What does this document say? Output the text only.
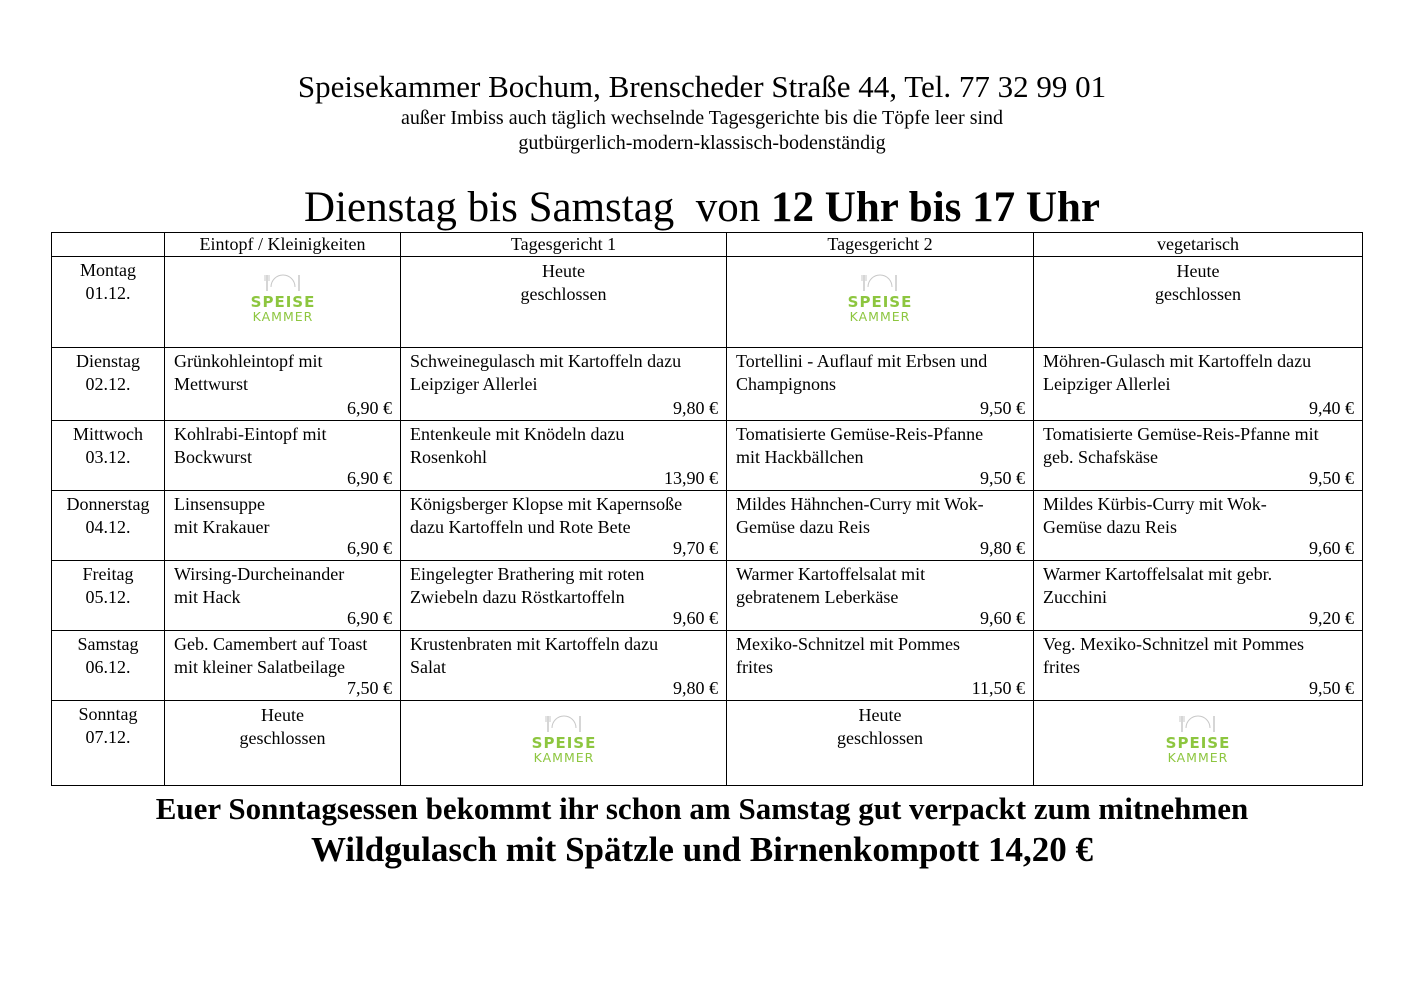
Speisekammer Bochum, Brenscheder Straße 44, Tel. 77 32 99 01
außer Imbiss auch täglich wechselnde Tagesgerichte bis die Töpfe leer sind
gutbürgerlich-modern-klassisch-bodenständig
Dienstag bis Samstag  von 12 Uhr bis 17 Uhr
	Eintopf / Kleinigkeiten	Tagesgericht 1	Tagesgericht 2	vegetarisch

Montag
01.12.	SPEISE
KAMMER	Heute
geschlossen	SPEISE
KAMMER	Heute
geschlossen

Dienstag
02.12.	Grünkohleintopf mit
Mettwurst
6,90 €	Schweinegulasch mit Kartoffeln dazu
Leipziger Allerlei
9,80 €	Tortellini - Auflauf mit Erbsen und
Champignons
9,50 €	Möhren-Gulasch mit Kartoffeln dazu
Leipziger Allerlei
9,40 €

Mittwoch
03.12.	Kohlrabi-Eintopf mit
Bockwurst
6,90 €	Entenkeule mit Knödeln dazu
Rosenkohl
13,90 €	Tomatisierte Gemüse-Reis-Pfanne
mit Hackbällchen
9,50 €	Tomatisierte Gemüse-Reis-Pfanne mit
geb. Schafskäse
9,50 €

Donnerstag
04.12.	Linsensuppe
mit Krakauer
6,90 €	Königsberger Klopse mit Kapernsoße
dazu Kartoffeln und Rote Bete
9,70 €	Mildes Hähnchen-Curry mit Wok-
Gemüse dazu Reis
9,80 €	Mildes Kürbis-Curry mit Wok-
Gemüse dazu Reis
9,60 €

Freitag
05.12.	Wirsing-Durcheinander
mit Hack
6,90 €	Eingelegter Brathering mit roten
Zwiebeln dazu Röstkartoffeln
9,60 €	Warmer Kartoffelsalat mit
gebratenem Leberkäse
9,60 €	Warmer Kartoffelsalat mit gebr.
Zucchini
9,20 €

Samstag
06.12.	Geb. Camembert auf Toast
mit kleiner Salatbeilage
7,50 €	Krustenbraten mit Kartoffeln dazu
Salat
9,80 €	Mexiko-Schnitzel mit Pommes
frites
11,50 €	Veg. Mexiko-Schnitzel mit Pommes
frites
9,50 €

Sonntag
07.12.	Heute
geschlossen	SPEISE
KAMMER	Heute
geschlossen	SPEISE
KAMMER
Euer Sonntagsessen bekommt ihr schon am Samstag gut verpackt zum mitnehmen
Wildgulasch mit Spätzle und Birnenkompott 14,20 €
